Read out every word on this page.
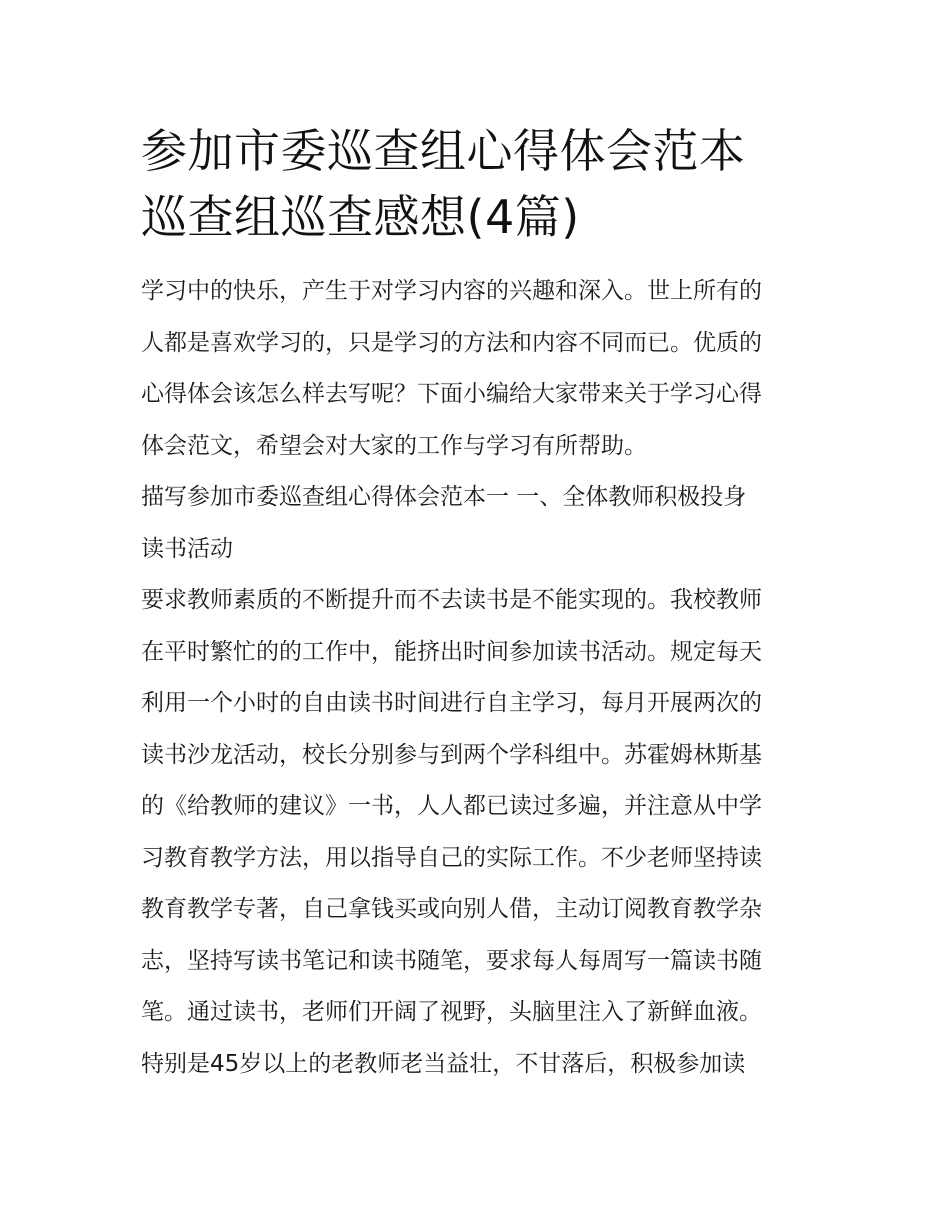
参加市委巡查组心得体会范本
巡查组巡查感想(4篇)
学习中的快乐，产生于对学习内容的兴趣和深入。世上所有的
人都是喜欢学习的，只是学习的方法和内容不同而已。优质的
心得体会该怎么样去写呢？下面小编给大家带来关于学习心得
体会范文，希望会对大家的工作与学习有所帮助。
描写参加市委巡查组心得体会范本一 一、全体教师积极投身
读书活动
要求教师素质的不断提升而不去读书是不能实现的。我校教师
在平时繁忙的的工作中，能挤出时间参加读书活动。规定每天
利用一个小时的自由读书时间进行自主学习，每月开展两次的
读书沙龙活动，校长分别参与到两个学科组中。苏霍姆林斯基
的《给教师的建议》一书，人人都已读过多遍，并注意从中学
习教育教学方法，用以指导自己的实际工作。不少老师坚持读
教育教学专著，自己拿钱买或向别人借，主动订阅教育教学杂
志，坚持写读书笔记和读书随笔，要求每人每周写一篇读书随
笔。通过读书，老师们开阔了视野，头脑里注入了新鲜血液。
特别是45岁以上的老教师老当益壮，不甘落后，积极参加读
